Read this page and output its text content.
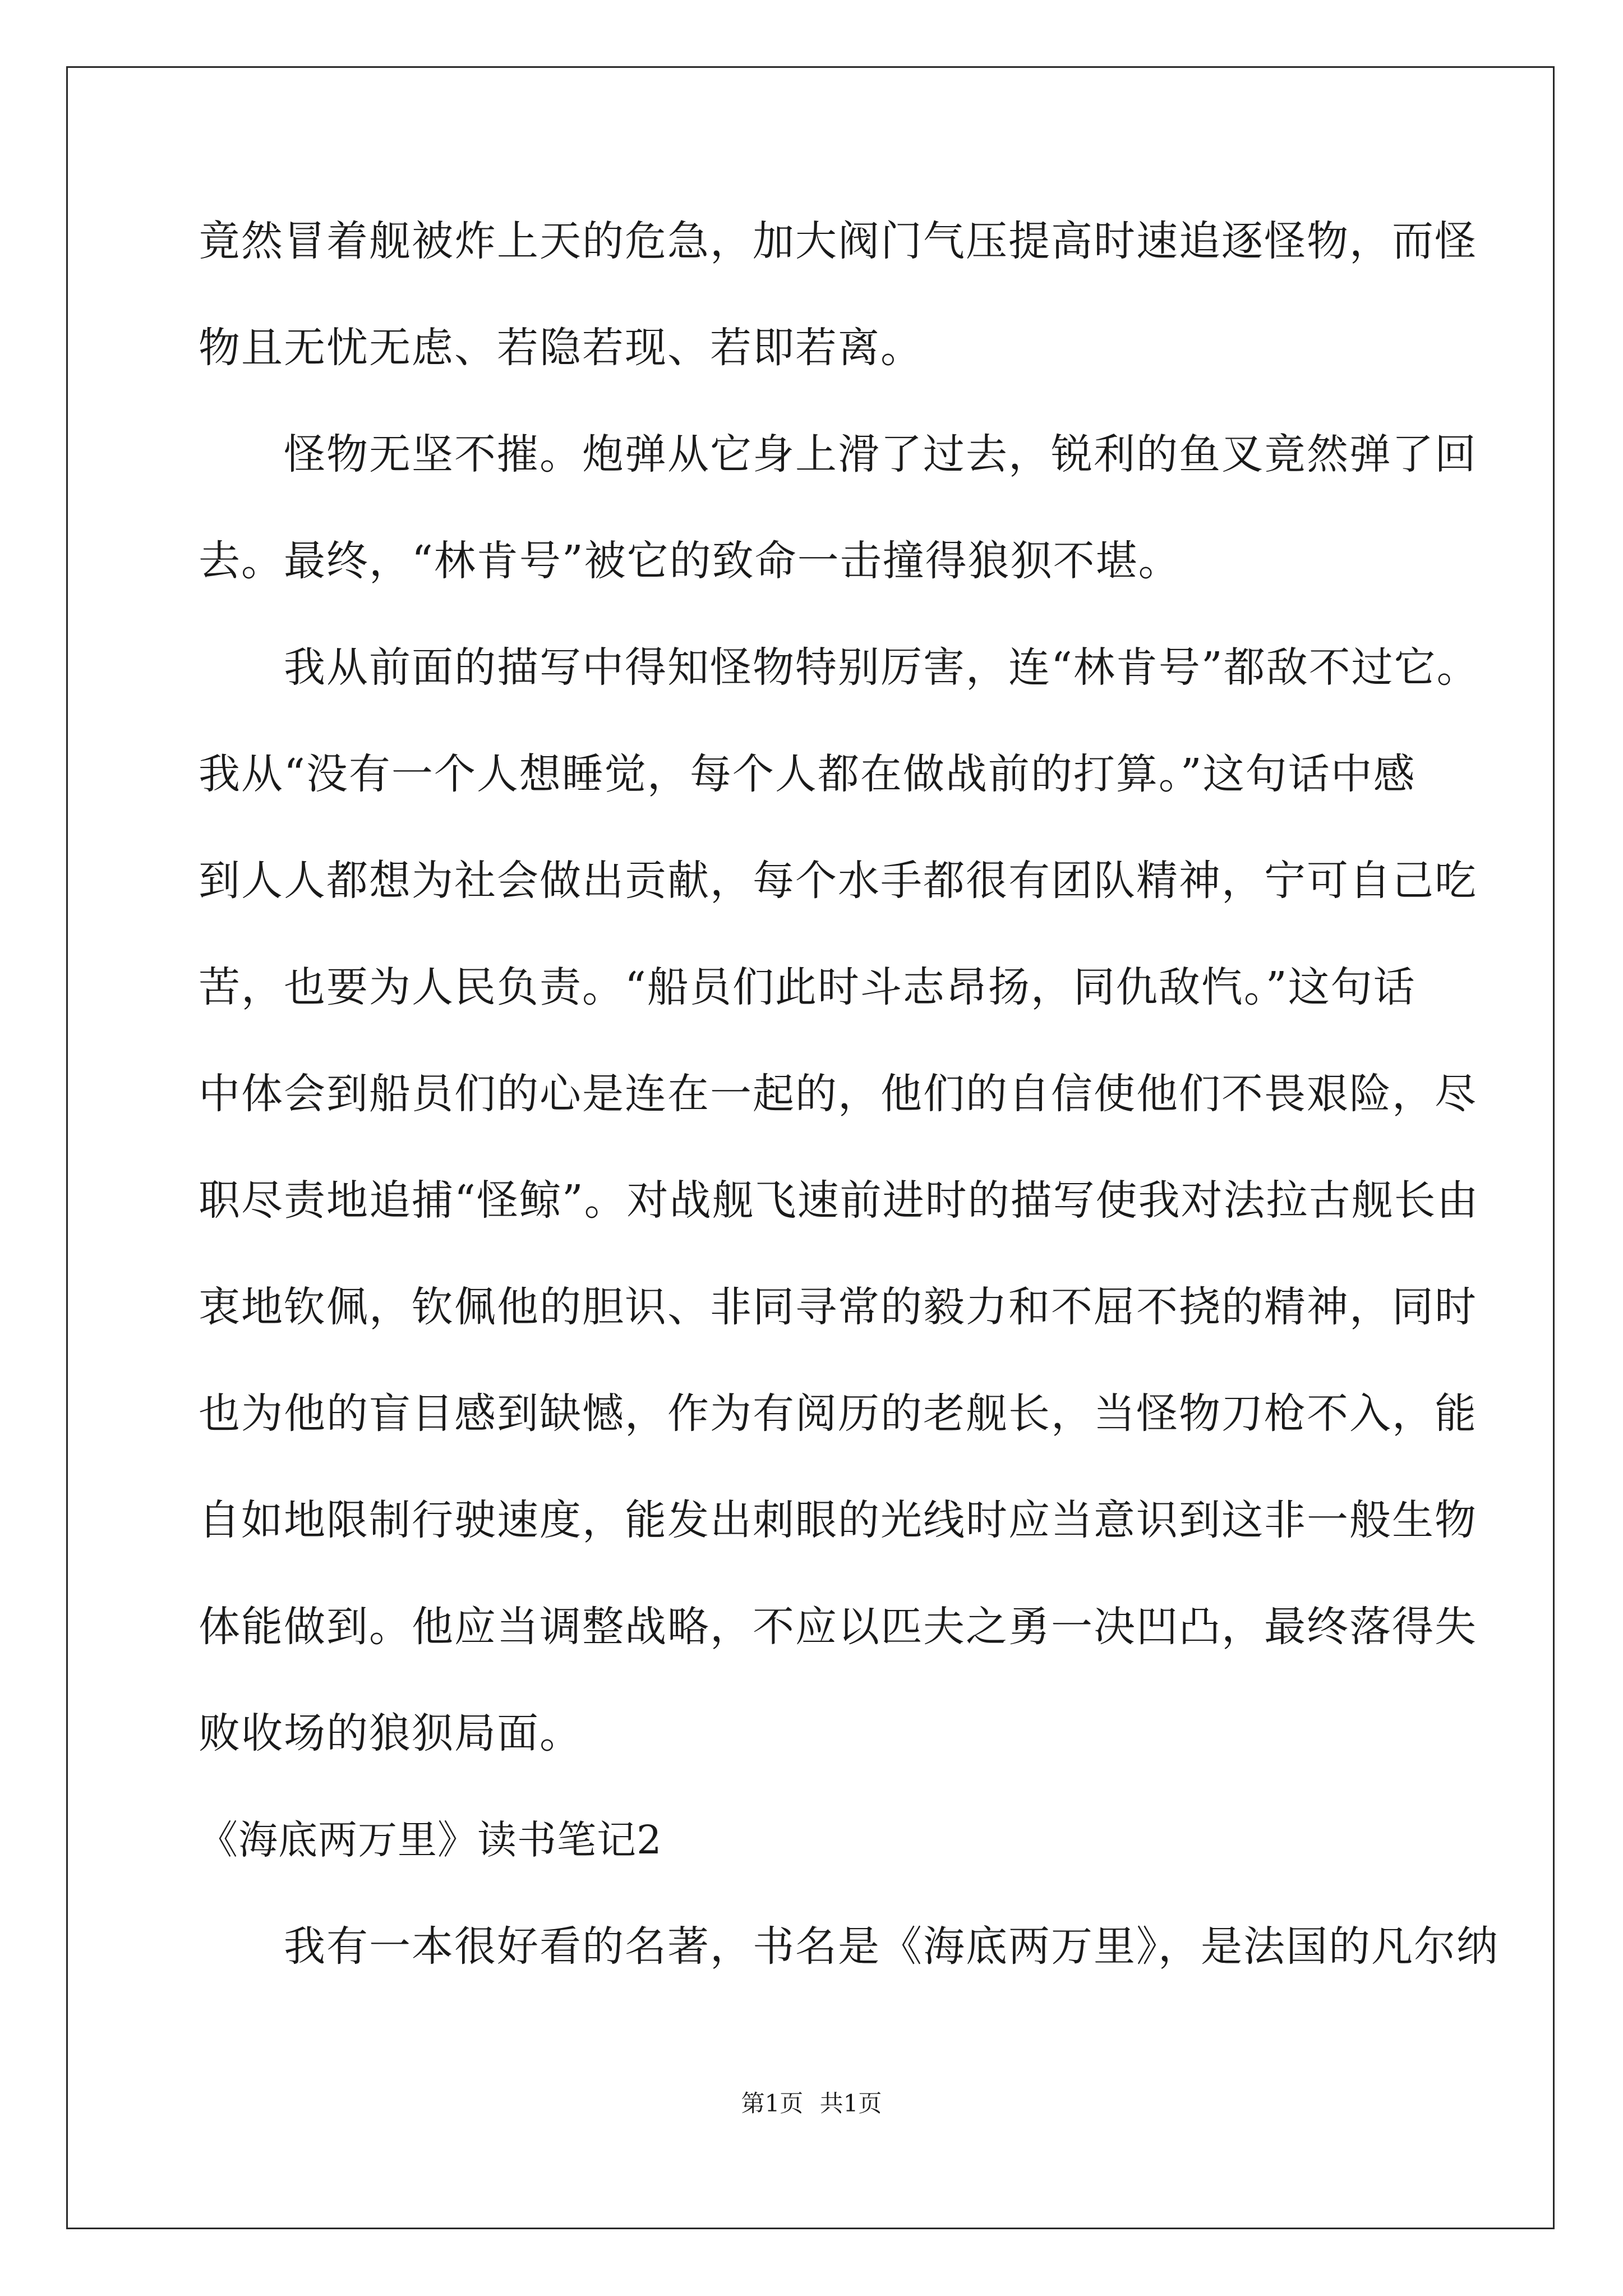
竟然冒着舰被炸上天的危急，加大阀门气压提高时速追逐怪物，而怪
物且无忧无虑、若隐若现、若即若离。
　　怪物无坚不摧。炮弹从它身上滑了过去，锐利的鱼叉竟然弹了回
去。最终，“林肯号”被它的致命一击撞得狼狈不堪。
　　我从前面的描写中得知怪物特别厉害，连“林肯号”都敌不过它。
我从“没有一个人想睡觉，每个人都在做战前的打算。”这句话中感
到人人都想为社会做出贡献，每个水手都很有团队精神，宁可自己吃
苦，也要为人民负责。“船员们此时斗志昂扬，同仇敌忾。”这句话
中体会到船员们的心是连在一起的，他们的自信使他们不畏艰险，尽
职尽责地追捕“怪鲸”。对战舰飞速前进时的描写使我对法拉古舰长由
衷地钦佩，钦佩他的胆识、非同寻常的毅力和不屈不挠的精神，同时
也为他的盲目感到缺憾，作为有阅历的老舰长，当怪物刀枪不入，能
自如地限制行驶速度，能发出刺眼的光线时应当意识到这非一般生物
体能做到。他应当调整战略，不应以匹夫之勇一决凹凸，最终落得失
败收场的狼狈局面。
《海底两万里》读书笔记2
　　我有一本很好看的名著，书名是《海底两万里》，是法国的凡尔纳
第1页 共1页
